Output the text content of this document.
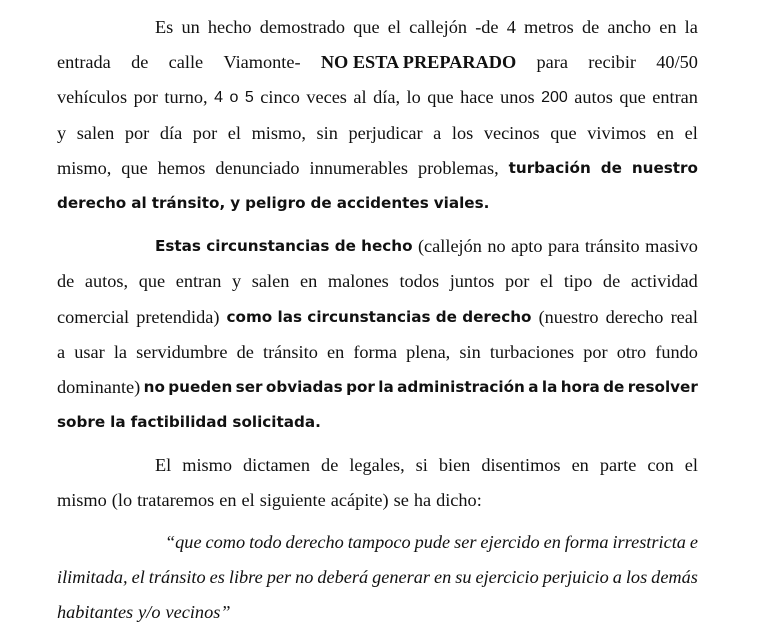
Es un hecho demostrado que el callejón -de 4 metros de ancho en la
entrada de calle Viamonte- NO ESTA PREPARADO para recibir 40/50
vehículos por turno, 4 o 5 cinco veces al día, lo que hace unos 200 autos que entran
y salen por día por el mismo, sin perjudicar a los vecinos que vivimos en el
mismo, que hemos denunciado innumerables problemas, turbación de nuestro
derecho al tránsito, y peligro de accidentes viales.
Estas circunstancias de hecho (callejón no apto para tránsito masivo
de autos, que entran y salen en malones todos juntos por el tipo de actividad
comercial pretendida) como las circunstancias de derecho (nuestro derecho real
a usar la servidumbre de tránsito en forma plena, sin turbaciones por otro fundo
dominante) no pueden ser obviadas por la administración a la hora de resolver
sobre la factibilidad solicitada.
El mismo dictamen de legales, si bien disentimos en parte con el
mismo (lo trataremos en el siguiente acápite) se ha dicho:
“que como todo derecho tampoco pude ser ejercido en forma irrestricta e
ilimitada, el tránsito es libre per no deberá generar en su ejercicio perjuicio a los demás
habitantes y/o vecinos”
